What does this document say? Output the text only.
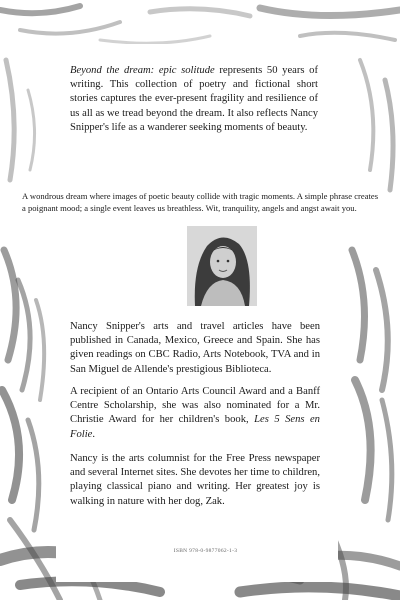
Beyond the dream: epic solitude represents 50 years of writing. This collection of poetry and fictional short stories captures the ever-present fragility and resilience of us all as we tread beyond the dream. It also reflects Nancy Snipper's life as a wanderer seeking moments of beauty.
A wondrous dream where images of poetic beauty collide with tragic moments. A simple phrase creates a poignant mood; a single event leaves us breathless. Wit, tranquility, angels and angst await you.
Nancy Snipper's arts and travel articles have been published in Canada, Mexico, Greece and Spain. She has given readings on CBC Radio, Arts Notebook, TVA and in San Miguel de Allende's prestigious Biblioteca.
A recipient of an Ontario Arts Council Award and a Banff Centre Scholarship, she was also nominated for a Mr. Christie Award for her children's book, Les 5 Sens en Folie.
Nancy is the arts columnist for the Free Press newspaper and several Internet sites. She devotes her time to children, playing classical piano and writing. Her greatest joy is walking in nature with her dog, Zak.
ISBN 978-0-9877062-1-3
